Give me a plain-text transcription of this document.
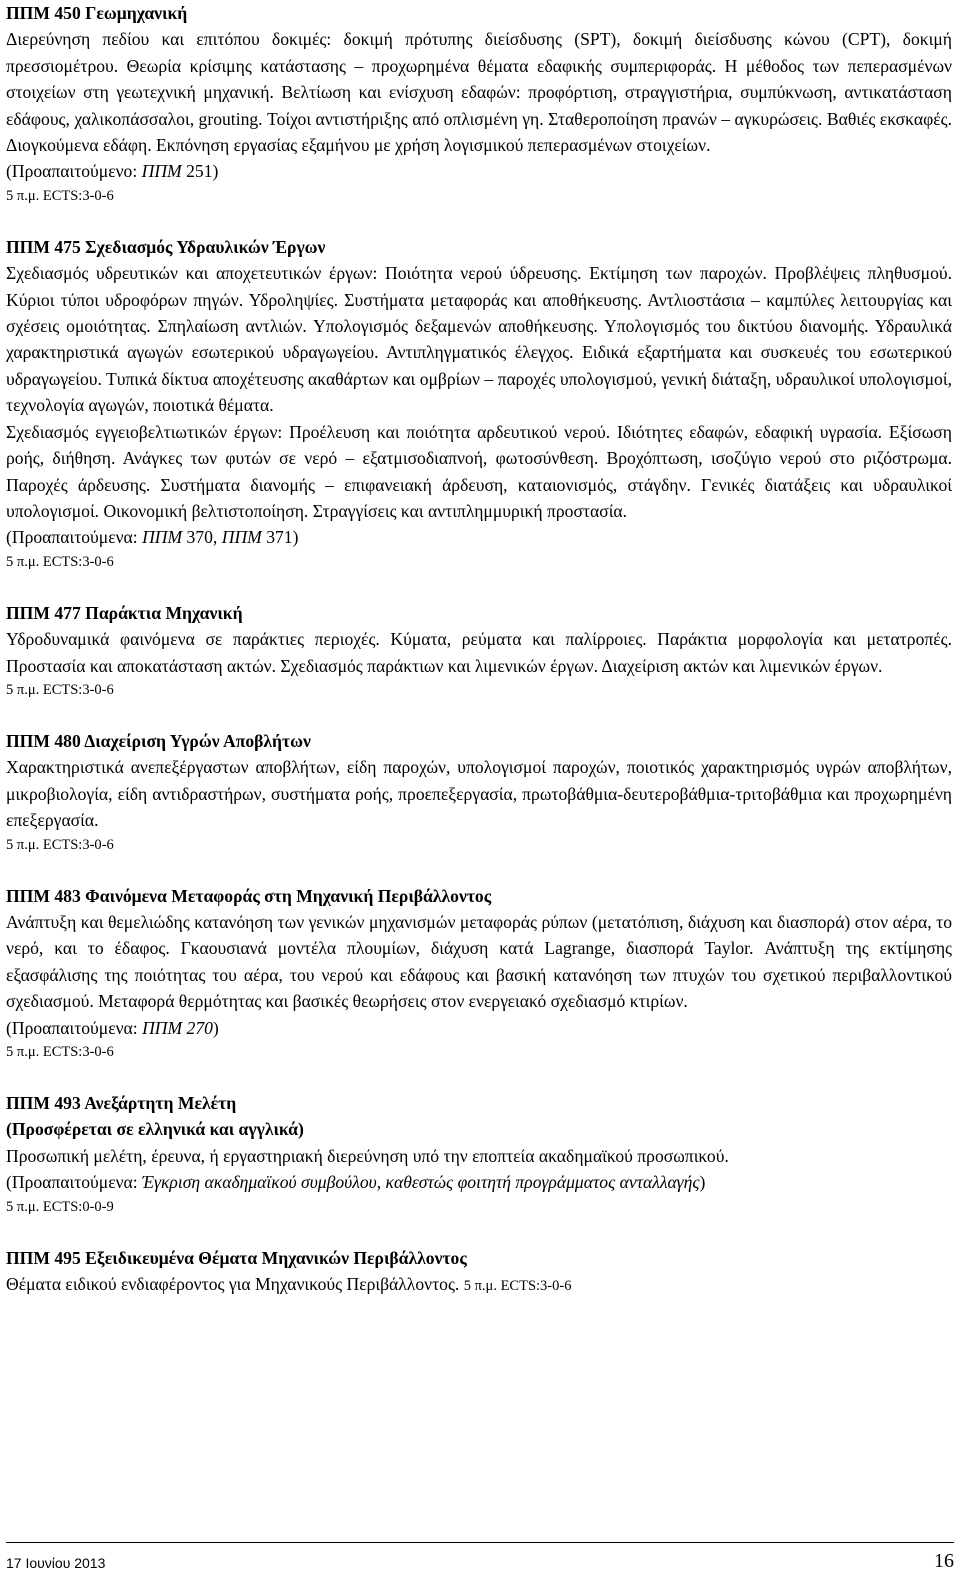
ΠΠΜ 450 Γεωμηχανική

Διερεύνηση πεδίου και επιτόπου δοκιμές: δοκιμή πρότυπης διείσδυσης (SPT), δοκιμή διείσδυσης κώνου (CPT), δοκιμή πρεσσιομέτρου. Θεωρία κρίσιμης κατάστασης – προχωρημένα θέματα εδαφικής συμπεριφοράς. Η μέθοδος των πεπερασμένων στοιχείων στη γεωτεχνική μηχανική. Βελτίωση και ενίσχυση εδαφών: προφόρτιση, στραγγιστήρια, συμπύκνωση, αντικατάσταση εδάφους, χαλικοπάσσαλοι, grouting. Τοίχοι αντιστήριξης από οπλισμένη γη. Σταθεροποίηση πρανών – αγκυρώσεις. Βαθιές εκσκαφές. Διογκούμενα εδάφη. Εκπόνηση εργασίας εξαμήνου με χρήση λογισμικού πεπερασμένων στοιχείων.

(Προαπαιτούμενο: ΠΠΜ 251)

5 π.μ. ECTS:3-0-6

ΠΠΜ 475 Σχεδιασμός Υδραυλικών Έργων

Σχεδιασμός υδρευτικών και αποχετευτικών έργων: Ποιότητα νερού ύδρευσης. Εκτίμηση των παροχών. Προβλέψεις πληθυσμού. Κύριοι τύποι υδροφόρων πηγών. Υδροληψίες. Συστήματα μεταφοράς και αποθήκευσης. Αντλιοστάσια – καμπύλες λειτουργίας και σχέσεις ομοιότητας. Σπηλαίωση αντλιών. Υπολογισμός δεξαμενών αποθήκευσης. Υπολογισμός του δικτύου διανομής. Υδραυλικά χαρακτηριστικά αγωγών εσωτερικού υδραγωγείου. Αντιπληγματικός έλεγχος. Ειδικά εξαρτήματα και συσκευές του εσωτερικού υδραγωγείου. Τυπικά δίκτυα αποχέτευσης ακαθάρτων και ομβρίων – παροχές υπολογισμού, γενική διάταξη, υδραυλικοί υπολογισμοί, τεχνολογία αγωγών, ποιοτικά θέματα.

Σχεδιασμός εγγειοβελτιωτικών έργων: Προέλευση και ποιότητα αρδευτικού νερού. Ιδιότητες εδαφών, εδαφική υγρασία. Εξίσωση ροής, διήθηση. Ανάγκες των φυτών σε νερό – εξατμισοδιαπνοή, φωτοσύνθεση. Βροχόπτωση, ισοζύγιο νερού στο ριζόστρωμα. Παροχές άρδευσης. Συστήματα διανομής – επιφανειακή άρδευση, καταιονισμός, στάγδην. Γενικές διατάξεις και υδραυλικοί υπολογισμοί. Οικονομική βελτιστοποίηση. Στραγγίσεις και αντιπλημμυρική προστασία.

(Προαπαιτούμενα: ΠΠΜ 370, ΠΠΜ 371)

5 π.μ. ECTS:3-0-6

ΠΠΜ 477 Παράκτια Μηχανική

Υδροδυναμικά φαινόμενα σε παράκτιες περιοχές. Κύματα, ρεύματα και παλίρροιες. Παράκτια μορφολογία και μετατροπές. Προστασία και αποκατάσταση ακτών. Σχεδιασμός παράκτιων και λιμενικών έργων. Διαχείριση ακτών και λιμενικών έργων.

5 π.μ. ECTS:3-0-6

ΠΠΜ 480 Διαχείριση Υγρών Αποβλήτων

Χαρακτηριστικά ανεπεξέργαστων αποβλήτων, είδη παροχών, υπολογισμοί παροχών, ποιοτικός χαρακτηρισμός υγρών αποβλήτων, μικροβιολογία, είδη αντιδραστήρων, συστήματα ροής, προεπεξεργασία, πρωτοβάθμια-δευτεροβάθμια-τριτοβάθμια και προχωρημένη επεξεργασία.

5 π.μ. ECTS:3-0-6

ΠΠΜ 483 Φαινόμενα Μεταφοράς στη Μηχανική Περιβάλλοντος

Ανάπτυξη και θεμελιώδης κατανόηση των γενικών μηχανισμών μεταφοράς ρύπων (μετατόπιση, διάχυση και διασπορά) στον αέρα, το νερό, και το έδαφος. Γκαουσιανά μοντέλα πλουμίων, διάχυση κατά Lagrange, διασπορά Taylor. Ανάπτυξη της εκτίμησης εξασφάλισης της ποιότητας του αέρα, του νερού και εδάφους και βασική κατανόηση των πτυχών του σχετικού περιβαλλοντικού σχεδιασμού. Μεταφορά θερμότητας και βασικές θεωρήσεις στον ενεργειακό σχεδιασμό κτιρίων.

(Προαπαιτούμενα: ΠΠΜ 270)

5 π.μ. ECTS:3-0-6

ΠΠΜ 493 Ανεξάρτητη Μελέτη
(Προσφέρεται σε ελληνικά και αγγλικά)

Προσωπική μελέτη, έρευνα, ή εργαστηριακή διερεύνηση υπό την εποπτεία ακαδημαϊκού προσωπικού.

(Προαπαιτούμενα: Έγκριση ακαδημαϊκού συμβούλου, καθεστώς φοιτητή προγράμματος ανταλλαγής)

5 π.μ. ECTS:0-0-9

ΠΠΜ 495 Εξειδικευμένα Θέματα Μηχανικών Περιβάλλοντος

Θέματα ειδικού ενδιαφέροντος για Μηχανικούς Περιβάλλοντος. 5 π.μ. ECTS:3-0-6

17 Ιουνίου 2013	16
